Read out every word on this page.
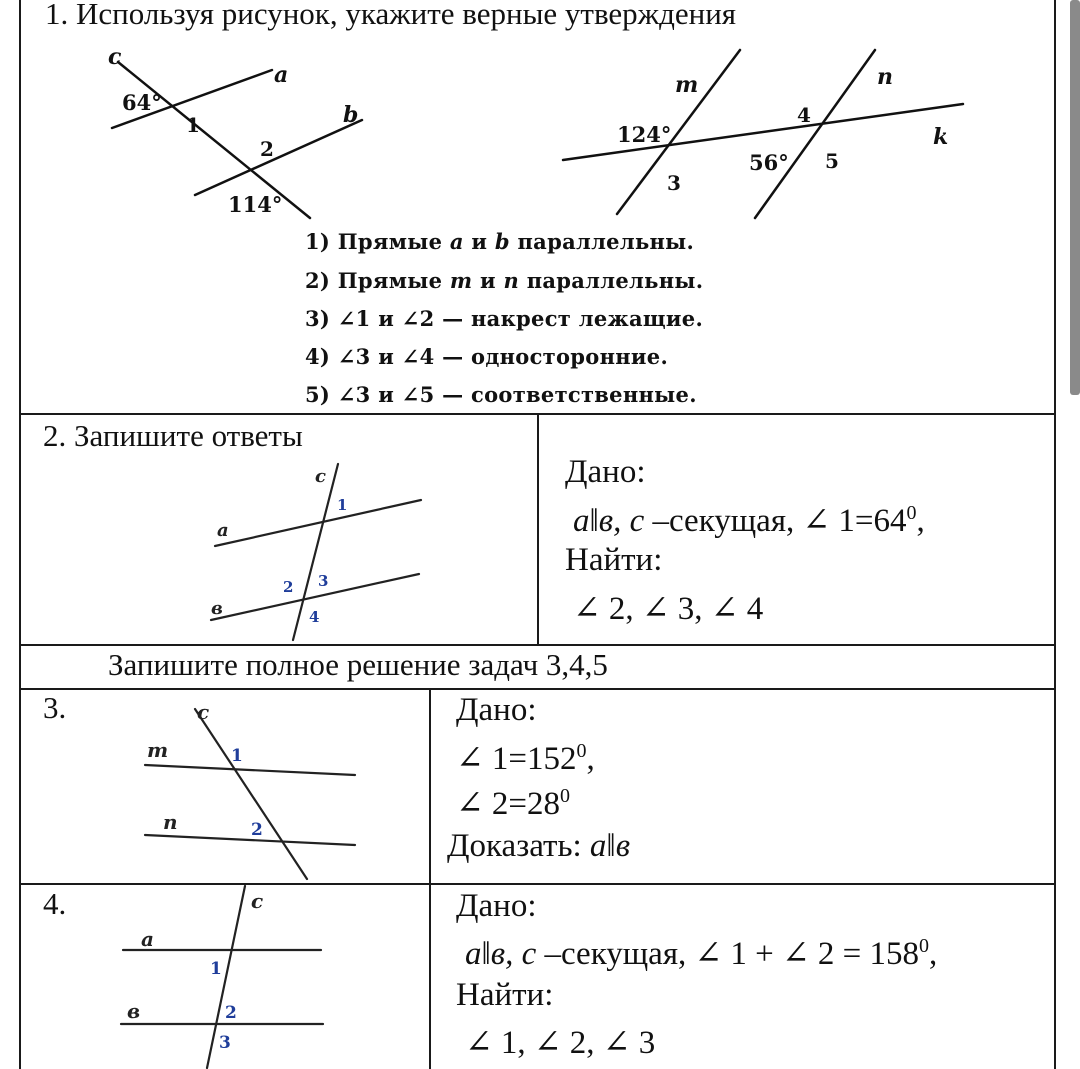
1. Используя рисунок, укажите верные утверждения
c
a
b
64°
1
2
114°
m	n
k
124°
4
56° 5
3
1) Прямые a и b параллельны.
2) Прямые m и n параллельны.
3) ∠1 и ∠2 — накрест лежащие.
4) ∠3 и ∠4 — односторонние.
5) ∠3 и ∠5 — соответственные.
2. Запишите ответы
c
a
в
1
2 3
4
Дано:
a‖в, c –секущая, ∠ $1=64^0$,
Найти:
∠ 2, ∠ 3, ∠ 4
Запишите полное решение задач 3,4,5
3.	c
m
n
1
2
Дано:
∠ $1=152^0$,
∠ $2=28^0$
Доказать: a‖в
4.	c
a
в
1
2
3
Дано:
a‖в, c –секущая, ∠ 1 + ∠ $2 = 158^0$,
Найти:
∠ 1, ∠ 2, ∠ 3
